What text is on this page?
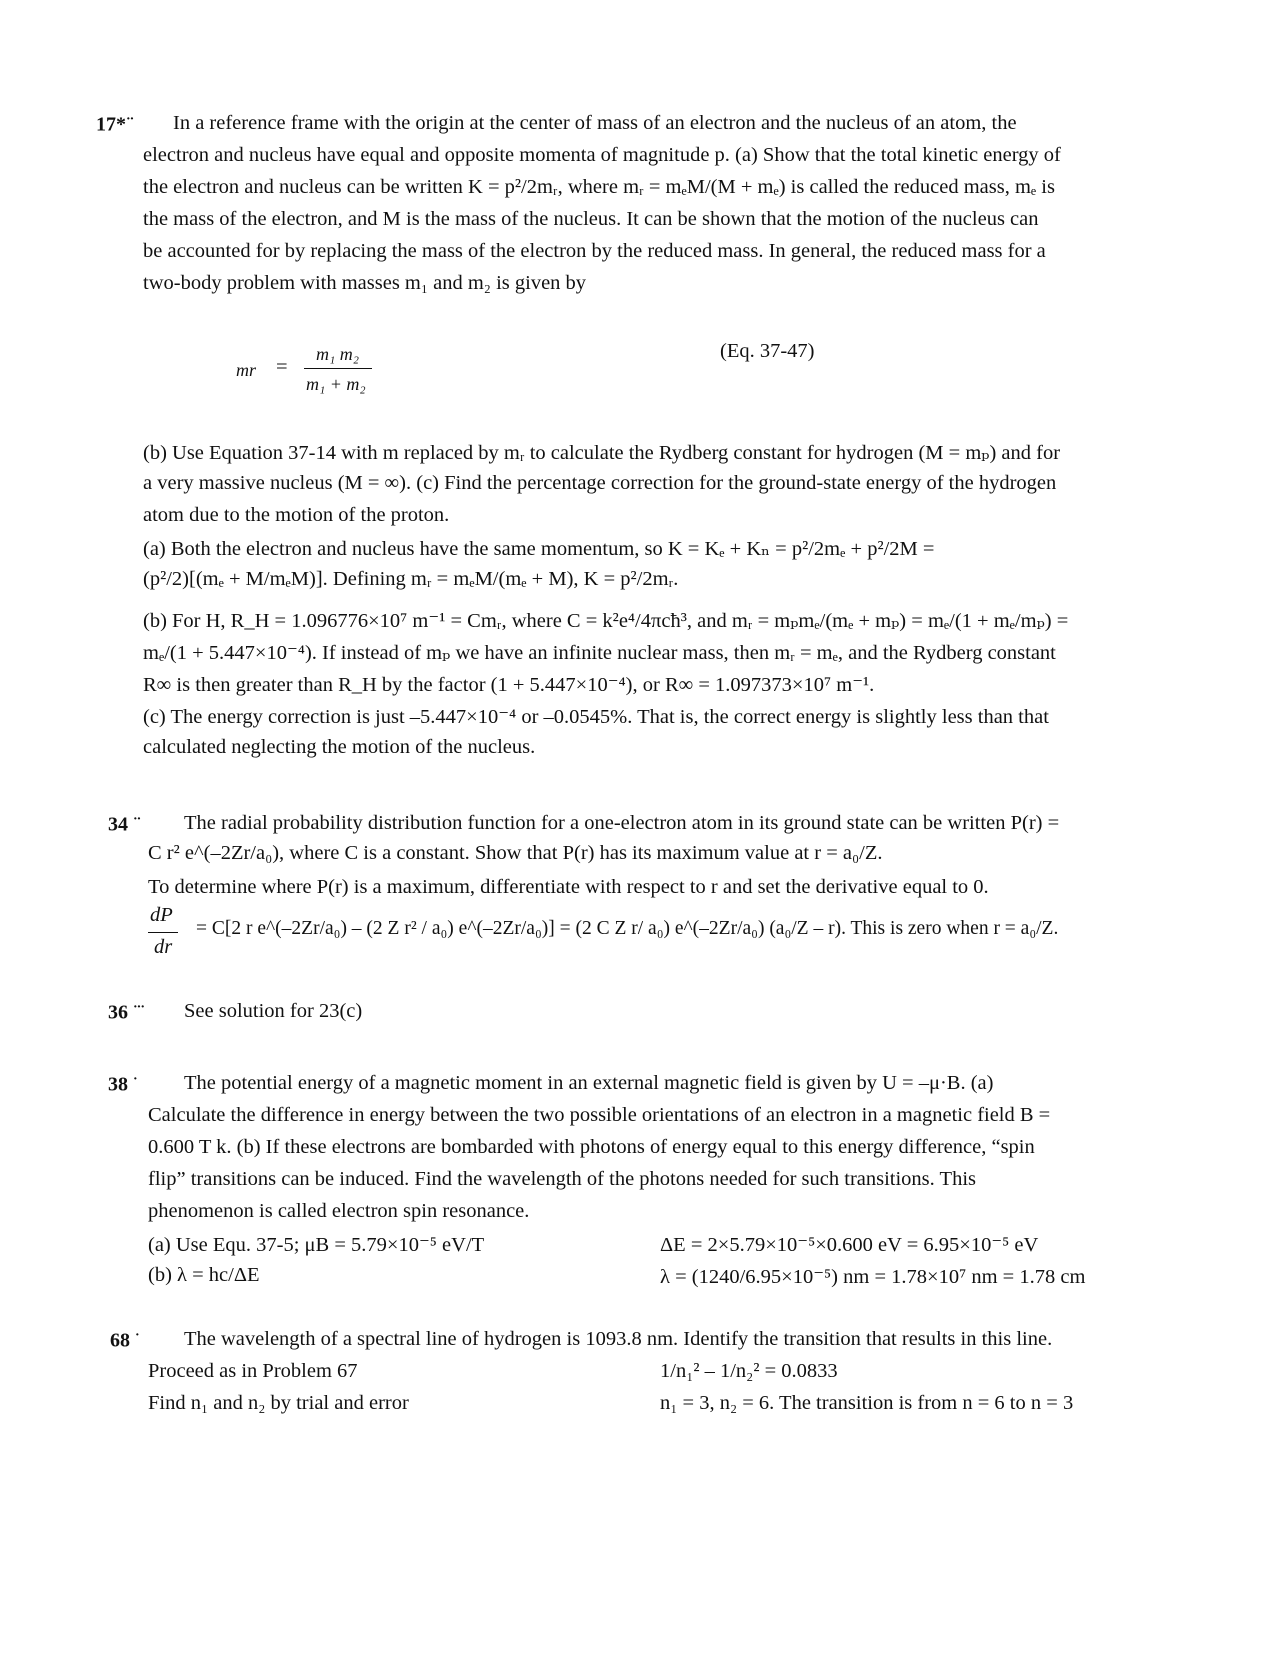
17*·· In a reference frame with the origin at the center of mass of an electron and the nucleus of an atom, the
electron and nucleus have equal and opposite momenta of magnitude p. (a) Show that the total kinetic energy of
the electron and nucleus can be written K = p²/2mᵣ, where mᵣ = mₑM/(M + mₑ) is called the reduced mass, mₑ is
the mass of the electron, and M is the mass of the nucleus. It can be shown that the motion of the nucleus can
be accounted for by replacing the mass of the electron by the reduced mass. In general, the reduced mass for a
two-body problem with masses m₁ and m₂ is given by
mr =
m₁ m₂
m₁ + m₂
(Eq. 37-47)
(b) Use Equation 37-14 with m replaced by mᵣ to calculate the Rydberg constant for hydrogen (M = mₚ) and for
a very massive nucleus (M = ∞). (c) Find the percentage correction for the ground-state energy of the hydrogen
atom due to the motion of the proton.
(a) Both the electron and nucleus have the same momentum, so K = Kₑ + Kₙ = p²/2mₑ + p²/2M =
(p²/2)[(mₑ + M/mₑM)]. Defining mᵣ = mₑM/(mₑ + M), K = p²/2mᵣ.
(b) For H, R_H = 1.096776×10⁷ m⁻¹ = Cmᵣ, where C = k²e⁴/4πcħ³, and mᵣ = mₚmₑ/(mₑ + mₚ) = mₑ/(1 + mₑ/mₚ) =
mₑ/(1 + 5.447×10⁻⁴). If instead of mₚ we have an infinite nuclear mass, then mᵣ = mₑ, and the Rydberg constant
R∞ is then greater than R_H by the factor (1 + 5.447×10⁻⁴), or R∞ = 1.097373×10⁷ m⁻¹.
(c) The energy correction is just –5.447×10⁻⁴ or –0.0545%. That is, the correct energy is slightly less than that
calculated neglecting the motion of the nucleus.
34 ·· The radial probability distribution function for a one-electron atom in its ground state can be written P(r) =
C r² e^(–2Zr/a₀), where C is a constant. Show that P(r) has its maximum value at r = a₀/Z.
To determine where P(r) is a maximum, differentiate with respect to r and set the derivative equal to 0.
dP
dr
= C[2 r e^(–2Zr/a₀) – (2 Z r² / a₀) e^(–2Zr/a₀)] = (2 C Z r/ a₀) e^(–2Zr/a₀) (a₀/Z – r). This is zero when r = a₀/Z.
36 ··· See solution for 23(c)
38 · The potential energy of a magnetic moment in an external magnetic field is given by U = –μ·B. (a)
Calculate the difference in energy between the two possible orientations of an electron in a magnetic field B =
0.600 T k. (b) If these electrons are bombarded with photons of energy equal to this energy difference, “spin
flip” transitions can be induced. Find the wavelength of the photons needed for such transitions. This
phenomenon is called electron spin resonance.
(a) Use Equ. 37-5; μB = 5.79×10⁻⁵ eV/T	ΔE = 2×5.79×10⁻⁵×0.600 eV = 6.95×10⁻⁵ eV
(b) λ = hc/ΔE	λ = (1240/6.95×10⁻⁵) nm = 1.78×10⁷ nm = 1.78 cm
68 · The wavelength of a spectral line of hydrogen is 1093.8 nm. Identify the transition that results in this line.
Proceed as in Problem 67	1/n₁² – 1/n₂² = 0.0833
Find n₁ and n₂ by trial and error	n₁ = 3, n₂ = 6. The transition is from n = 6 to n = 3
